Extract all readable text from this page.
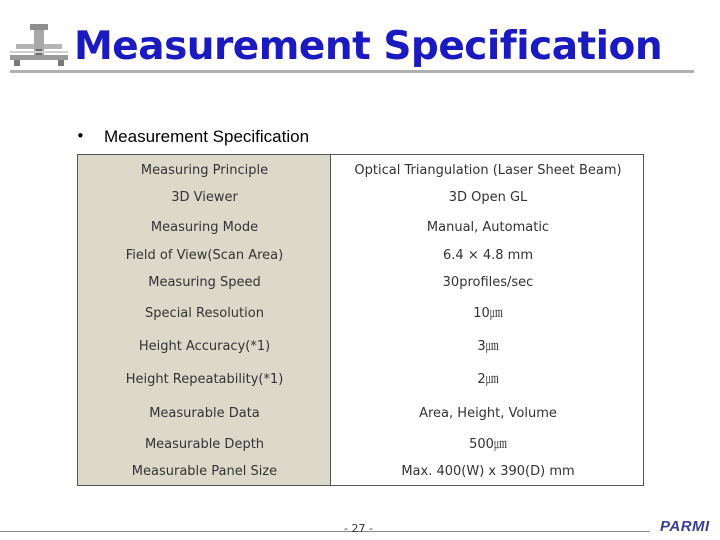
Measurement Specification
• Measurement Specification
Measuring Principle	Optical Triangulation (Laser Sheet Beam)
3D Viewer	3D Open GL
Measuring Mode	Manual, Automatic
Field of View(Scan Area)	6.4 × 4.8 mm
Measuring Speed	30profiles/sec
Special Resolution	10㎛
Height Accuracy(*1)	3㎛
Height Repeatability(*1)	2㎛
Measurable Data	Area, Height, Volume
Measurable Depth	500㎛
Measurable Panel Size	Max. 400(W) x 390(D) mm
- 27 -	PARMI
